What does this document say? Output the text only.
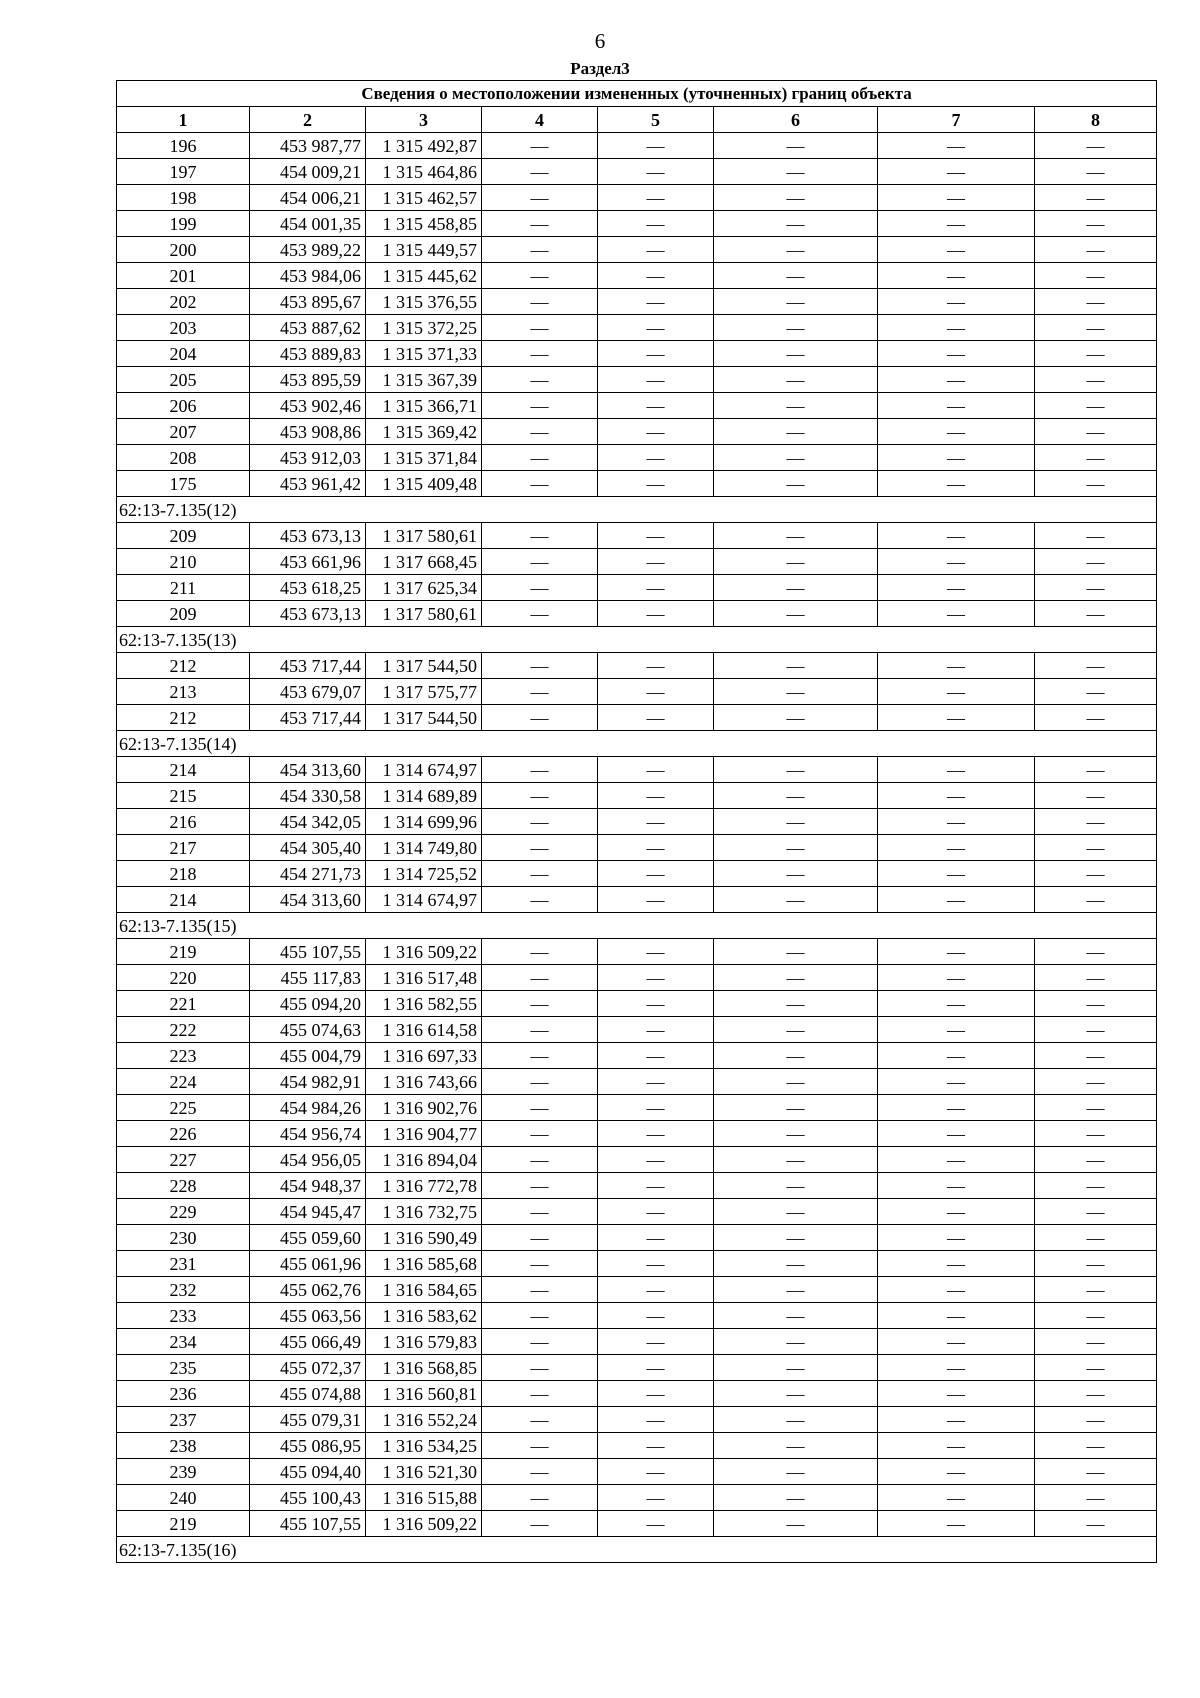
6
Раздел3
Сведения о местоположении измененных (уточненных) границ объекта							
1	2	3	4	5	6	7	8
196	453 987,77	1 315 492,87	—	—	—	—	—
197	454 009,21	1 315 464,86	—	—	—	—	—
198	454 006,21	1 315 462,57	—	—	—	—	—
199	454 001,35	1 315 458,85	—	—	—	—	—
200	453 989,22	1 315 449,57	—	—	—	—	—
201	453 984,06	1 315 445,62	—	—	—	—	—
202	453 895,67	1 315 376,55	—	—	—	—	—
203	453 887,62	1 315 372,25	—	—	—	—	—
204	453 889,83	1 315 371,33	—	—	—	—	—
205	453 895,59	1 315 367,39	—	—	—	—	—
206	453 902,46	1 315 366,71	—	—	—	—	—
207	453 908,86	1 315 369,42	—	—	—	—	—
208	453 912,03	1 315 371,84	—	—	—	—	—
175	453 961,42	1 315 409,48	—	—	—	—	—
62:13-7.135(12)							
209	453 673,13	1 317 580,61	—	—	—	—	—
210	453 661,96	1 317 668,45	—	—	—	—	—
211	453 618,25	1 317 625,34	—	—	—	—	—
209	453 673,13	1 317 580,61	—	—	—	—	—
62:13-7.135(13)							
212	453 717,44	1 317 544,50	—	—	—	—	—
213	453 679,07	1 317 575,77	—	—	—	—	—
212	453 717,44	1 317 544,50	—	—	—	—	—
62:13-7.135(14)							
214	454 313,60	1 314 674,97	—	—	—	—	—
215	454 330,58	1 314 689,89	—	—	—	—	—
216	454 342,05	1 314 699,96	—	—	—	—	—
217	454 305,40	1 314 749,80	—	—	—	—	—
218	454 271,73	1 314 725,52	—	—	—	—	—
214	454 313,60	1 314 674,97	—	—	—	—	—
62:13-7.135(15)							
219	455 107,55	1 316 509,22	—	—	—	—	—
220	455 117,83	1 316 517,48	—	—	—	—	—
221	455 094,20	1 316 582,55	—	—	—	—	—
222	455 074,63	1 316 614,58	—	—	—	—	—
223	455 004,79	1 316 697,33	—	—	—	—	—
224	454 982,91	1 316 743,66	—	—	—	—	—
225	454 984,26	1 316 902,76	—	—	—	—	—
226	454 956,74	1 316 904,77	—	—	—	—	—
227	454 956,05	1 316 894,04	—	—	—	—	—
228	454 948,37	1 316 772,78	—	—	—	—	—
229	454 945,47	1 316 732,75	—	—	—	—	—
230	455 059,60	1 316 590,49	—	—	—	—	—
231	455 061,96	1 316 585,68	—	—	—	—	—
232	455 062,76	1 316 584,65	—	—	—	—	—
233	455 063,56	1 316 583,62	—	—	—	—	—
234	455 066,49	1 316 579,83	—	—	—	—	—
235	455 072,37	1 316 568,85	—	—	—	—	—
236	455 074,88	1 316 560,81	—	—	—	—	—
237	455 079,31	1 316 552,24	—	—	—	—	—
238	455 086,95	1 316 534,25	—	—	—	—	—
239	455 094,40	1 316 521,30	—	—	—	—	—
240	455 100,43	1 316 515,88	—	—	—	—	—
219	455 107,55	1 316 509,22	—	—	—	—	—
62:13-7.135(16)							
